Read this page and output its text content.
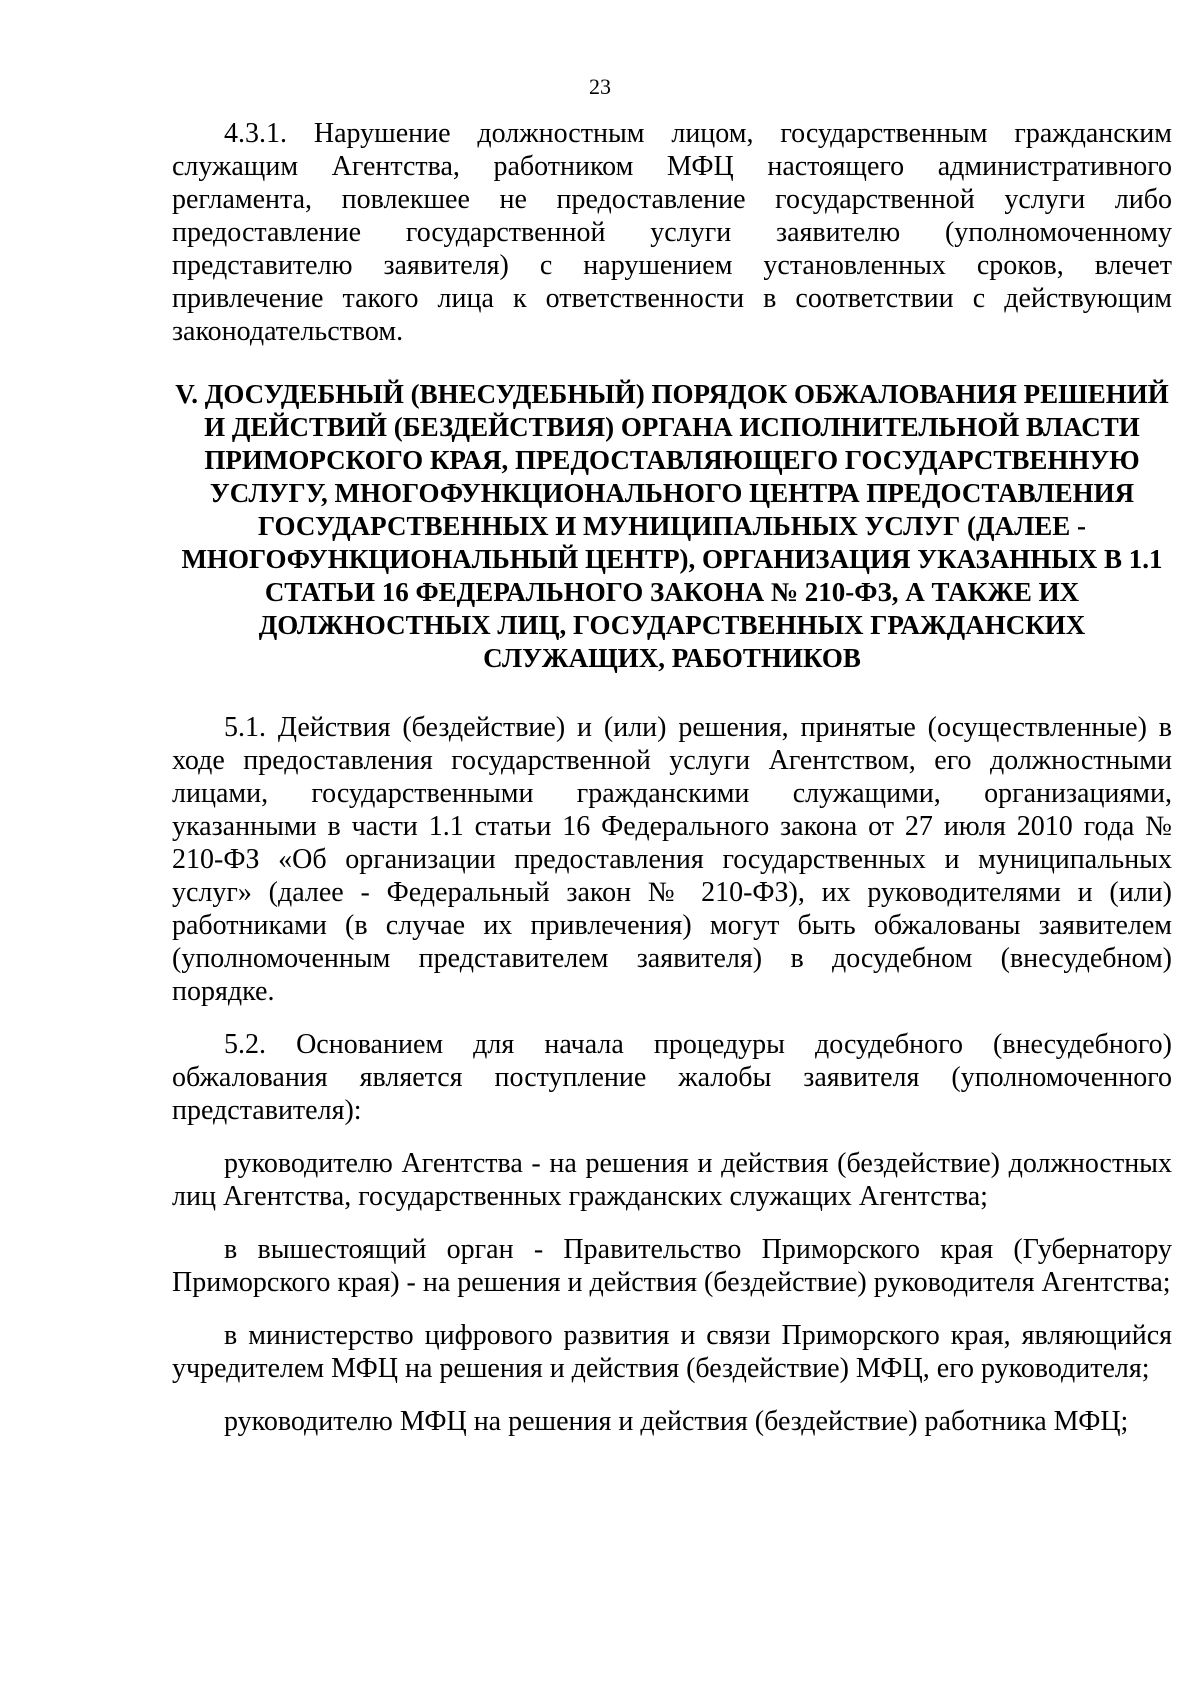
23

4.3.1. Нарушение должностным лицом, государственным гражданским служащим Агентства, работником МФЦ настоящего административного регламента, повлекшее не предоставление государственной услуги либо предоставление государственной услуги заявителю (уполномоченному представителю заявителя) с нарушением установленных сроков, влечет привлечение такого лица к ответственности в соответствии с действующим законодательством.

V. ДОСУДЕБНЫЙ (ВНЕСУДЕБНЫЙ) ПОРЯДОК ОБЖАЛОВАНИЯ РЕШЕНИЙ И ДЕЙСТВИЙ (БЕЗДЕЙСТВИЯ) ОРГАНА ИСПОЛНИТЕЛЬНОЙ ВЛАСТИ ПРИМОРСКОГО КРАЯ, ПРЕДОСТАВЛЯЮЩЕГО ГОСУДАРСТВЕННУЮ УСЛУГУ, МНОГОФУНКЦИОНАЛЬНОГО ЦЕНТРА ПРЕДОСТАВЛЕНИЯ ГОСУДАРСТВЕННЫХ И МУНИЦИПАЛЬНЫХ УСЛУГ (ДАЛЕЕ - МНОГОФУНКЦИОНАЛЬНЫЙ ЦЕНТР), ОРГАНИЗАЦИЯ УКАЗАННЫХ В 1.1 СТАТЬИ 16 ФЕДЕРАЛЬНОГО ЗАКОНА № 210-ФЗ, А ТАКЖЕ ИХ ДОЛЖНОСТНЫХ ЛИЦ, ГОСУДАРСТВЕННЫХ ГРАЖДАНСКИХ СЛУЖАЩИХ, РАБОТНИКОВ

5.1. Действия (бездействие) и (или) решения, принятые (осуществленные) в ходе предоставления государственной услуги Агентством, его должностными лицами, государственными гражданскими служащими, организациями, указанными в части 1.1 статьи 16 Федерального закона от 27 июля 2010 года № 210-ФЗ «Об организации предоставления государственных и муниципальных услуг» (далее - Федеральный закон № 210-ФЗ), их руководителями и (или) работниками (в случае их привлечения) могут быть обжалованы заявителем (уполномоченным представителем заявителя) в досудебном (внесудебном) порядке.

5.2. Основанием для начала процедуры досудебного (внесудебного) обжалования является поступление жалобы заявителя (уполномоченного представителя):

руководителю Агентства - на решения и действия (бездействие) должностных лиц Агентства, государственных гражданских служащих Агентства;

в вышестоящий орган - Правительство Приморского края (Губернатору Приморского края) - на решения и действия (бездействие) руководителя Агентства;

в министерство цифрового развития и связи Приморского края, являющийся учредителем МФЦ на решения и действия (бездействие) МФЦ, его руководителя;

руководителю МФЦ на решения и действия (бездействие) работника МФЦ;
